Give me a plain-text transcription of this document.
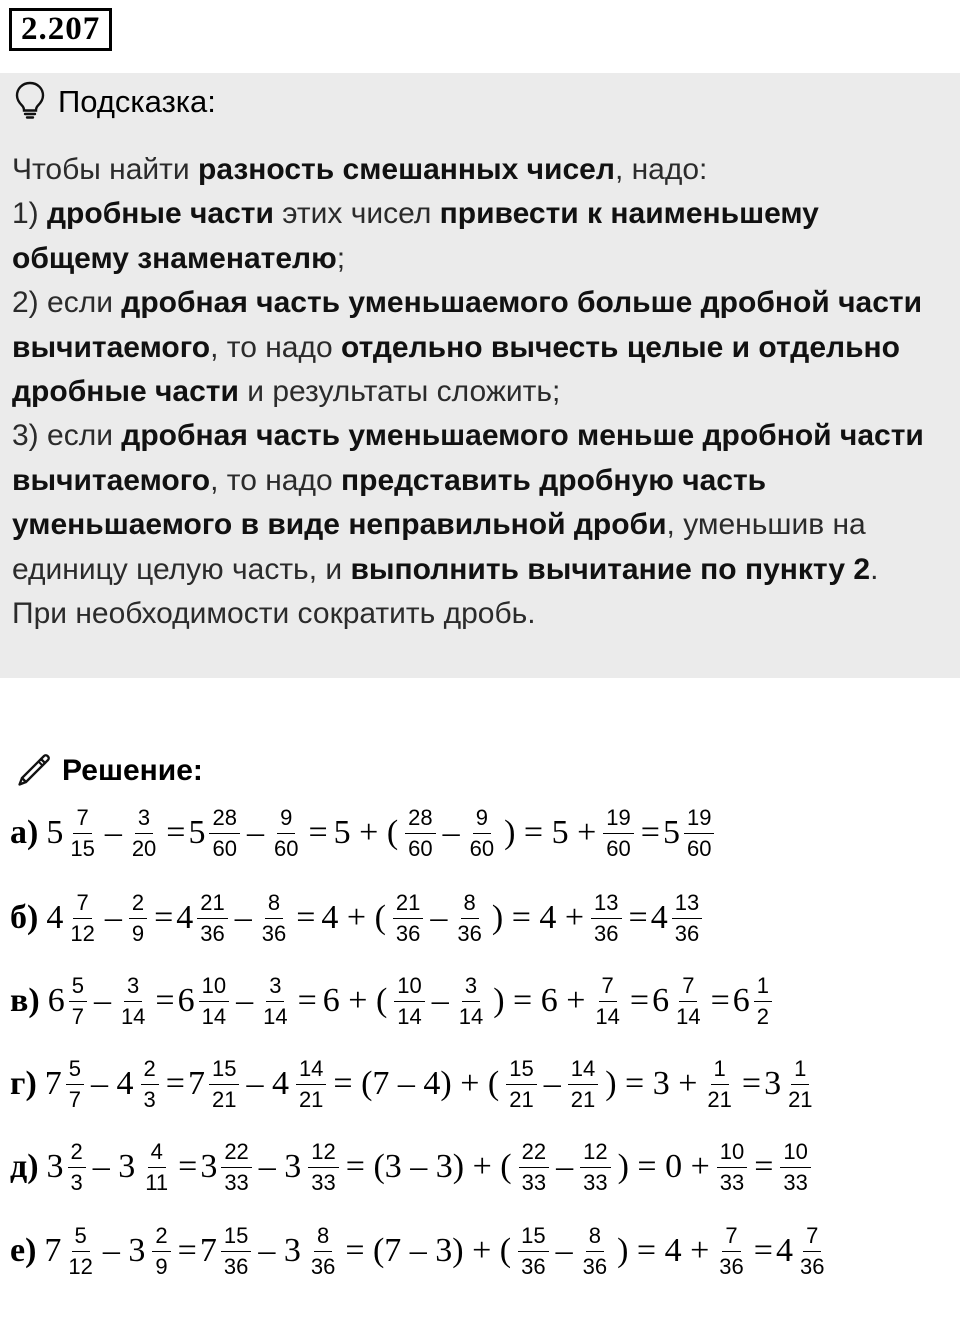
2.207
Подсказка:
Чтобы найти разность смешанных чисел, надо:
1) дробные части этих чисел привести к наименьшему
общему знаменателю;
2) если дробная часть уменьшаемого больше дробной части
вычитаемого, то надо отдельно вычесть целые и отдельно
дробные части и результаты сложить;
3) если дробная часть уменьшаемого меньше дробной части
вычитаемого, то надо представить дробную часть
уменьшаемого в виде неправильной дроби, уменьшив на
единицу целую часть, и выполнить вычитание по пункту 2.
При необходимости сократить дробь.
Решение:
а) $5 \frac{7}{15} - \frac{3}{20} = 5 \frac{28}{60} - \frac{9}{60} = 5$ + ( $\frac{28}{60} - \frac{9}{60}$ ) = $5 + \frac{19}{60} = 5 \frac{19}{60}$
б) $4 \frac{7}{12} - \frac{2}{9} = 4 \frac{21}{36} - \frac{8}{36} = 4$ + ( $\frac{21}{36} - \frac{8}{36}$ ) = $4 + \frac{13}{36} = 4 \frac{13}{36}$
в) $6 \frac{5}{7} - \frac{3}{14} = 6 \frac{10}{14} - \frac{3}{14} = 6$ + ( $\frac{10}{14} - \frac{3}{14}$ ) = $6 + \frac{7}{14} = 6 \frac{7}{14} = 6 \frac{1}{2}$
г) $7 \frac{5}{7} - 4 \frac{2}{3} = 7 \frac{15}{21} - 4 \frac{14}{21} = (7 - 4)$ + ( $\frac{15}{21} - \frac{14}{21}$ ) = $3 + \frac{1}{21} = 3 \frac{1}{21}$
д) $3 \frac{2}{3} - 3 \frac{4}{11} = 3 \frac{22}{33} - 3 \frac{12}{33} = (3 - 3)$ + ( $\frac{22}{33} - \frac{12}{33}$ ) = $0 + \frac{10}{33} = \frac{10}{33}$
е) $7 \frac{5}{12} - 3 \frac{2}{9} = 7 \frac{15}{36} - 3 \frac{8}{36} = (7 - 3)$ + ( $\frac{15}{36} - \frac{8}{36}$ ) = $4 + \frac{7}{36} = 4 \frac{7}{36}$
